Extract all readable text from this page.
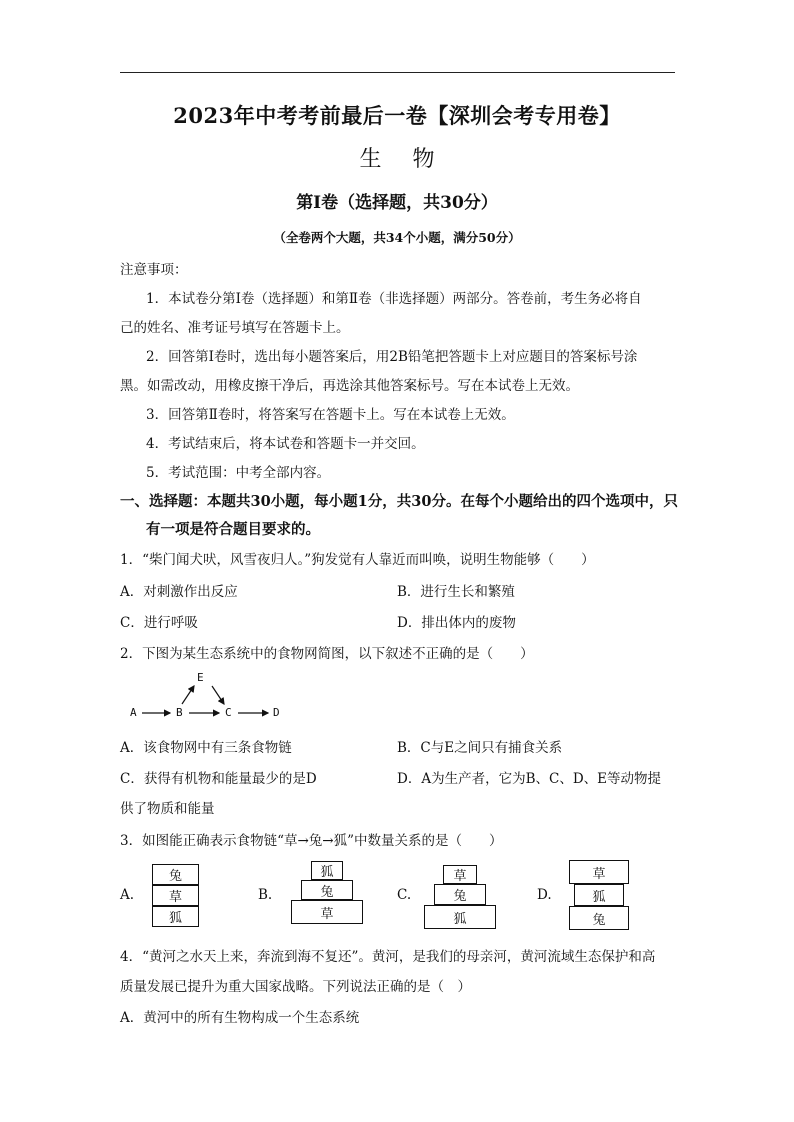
2023年中考考前最后一卷【深圳会考专用卷】
生 物
第Ⅰ卷（选择题，共30分）
（全卷两个大题，共34个小题，满分50分）
注意事项：
1．本试卷分第Ⅰ卷（选择题）和第Ⅱ卷（非选择题）两部分。答卷前，考生务必将自
己的姓名、准考证号填写在答题卡上。
2．回答第Ⅰ卷时，选出每小题答案后，用2B铅笔把答题卡上对应题目的答案标号涂
黑。如需改动，用橡皮擦干净后，再选涂其他答案标号。写在本试卷上无效。
3．回答第Ⅱ卷时，将答案写在答题卡上。写在本试卷上无效。
4．考试结束后，将本试卷和答题卡一并交回。
5．考试范围：中考全部内容。
一、选择题：本题共30小题，每小题1分，共30分。在每个小题给出的四个选项中，只
有一项是符合题目要求的。
1．“柴门闻犬吠，风雪夜归人。”狗发觉有人靠近而叫唤，说明生物能够（　　）
A．对刺激作出反应	B．进行生长和繁殖
C．进行呼吸	D．排出体内的废物
2．下图为某生态系统中的食物网简图，以下叙述不正确的是（　　）
A	B	C	D
E
A．该食物网中有三条食物链	B．C与E之间只有捕食关系
C．获得有机物和能量最少的是D	D．A为生产者，它为B、C、D、E等动物提
供了物质和能量
3．如图能正确表示食物链“草→兔→狐”中数量关系的是（　　）
A.
兔
草
狐
B.
狐
兔
草
C.
草
兔
狐
D.
草
狐
兔
4．“黄河之水天上来，奔流到海不复还”。黄河，是我们的母亲河，黄河流域生态保护和高
质量发展已提升为重大国家战略。下列说法正确的是（　）
A．黄河中的所有生物构成一个生态系统
